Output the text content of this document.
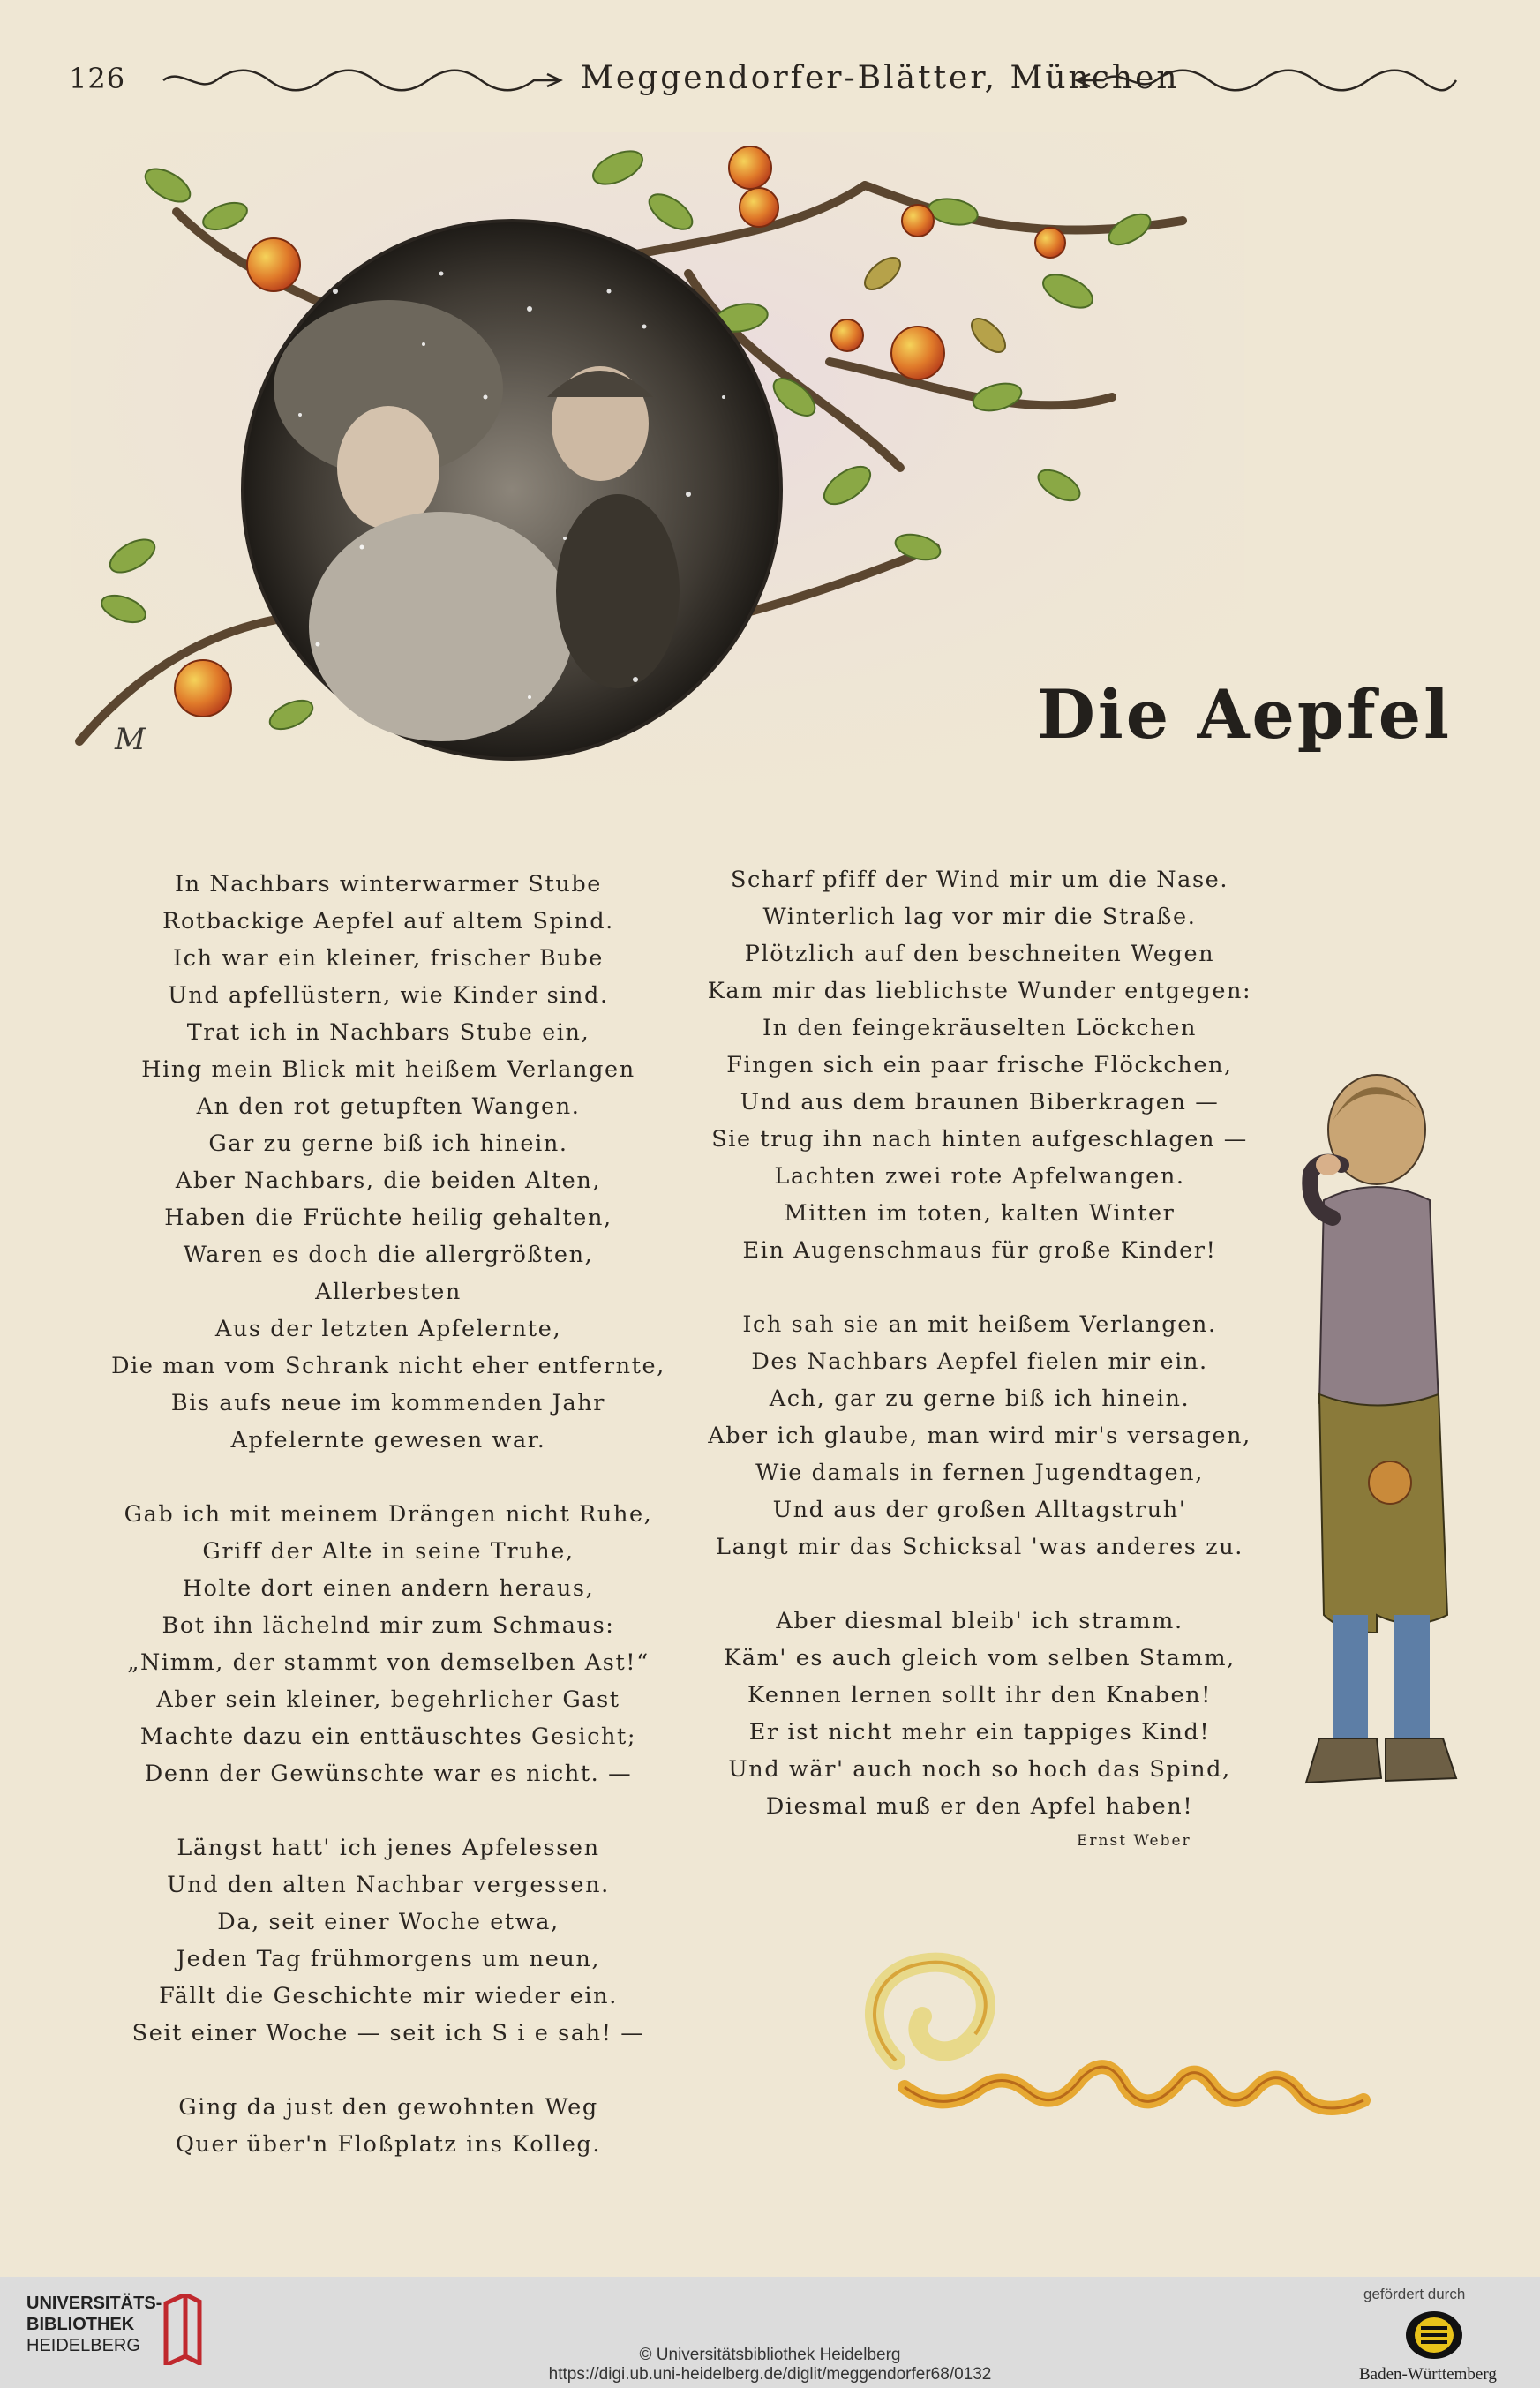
126	Meggendorfer-Blätter, München
M	Die Aepfel
In Nachbars winterwarmer Stube
Rotbackige Aepfel auf altem Spind.
Ich war ein kleiner, frischer Bube
Und apfellüstern, wie Kinder sind.
Trat ich in Nachbars Stube ein,
Hing mein Blick mit heißem Verlangen
An den rot getupften Wangen.
Gar zu gerne biß ich hinein.
Aber Nachbars, die beiden Alten,
Haben die Früchte heilig gehalten,
Waren es doch die allergrößten,
Allerbesten
Aus der letzten Apfelernte,
Die man vom Schrank nicht eher entfernte,
Bis aufs neue im kommenden Jahr
Apfelernte gewesen war.
Gab ich mit meinem Drängen nicht Ruhe,
Griff der Alte in seine Truhe,
Holte dort einen andern heraus,
Bot ihn lächelnd mir zum Schmaus:
„Nimm, der stammt von demselben Ast!“
Aber sein kleiner, begehrlicher Gast
Machte dazu ein enttäuschtes Gesicht;
Denn der Gewünschte war es nicht. —
Längst hatt' ich jenes Apfelessen
Und den alten Nachbar vergessen.
Da, seit einer Woche etwa,
Jeden Tag frühmorgens um neun,
Fällt die Geschichte mir wieder ein.
Seit einer Woche — seit ich S i e sah! —
Ging da just den gewohnten Weg
Quer über'n Floßplatz ins Kolleg.
Scharf pfiff der Wind mir um die Nase.
Winterlich lag vor mir die Straße.
Plötzlich auf den beschneiten Wegen
Kam mir das lieblichste Wunder entgegen:
In den feingekräuselten Löckchen
Fingen sich ein paar frische Flöckchen,
Und aus dem braunen Biberkragen —
Sie trug ihn nach hinten aufgeschlagen —
Lachten zwei rote Apfelwangen.
Mitten im toten, kalten Winter
Ein Augenschmaus für große Kinder!
Ich sah sie an mit heißem Verlangen.
Des Nachbars Aepfel fielen mir ein.
Ach, gar zu gerne biß ich hinein.
Aber ich glaube, man wird mir's versagen,
Wie damals in fernen Jugendtagen,
Und aus der großen Alltagstruh'
Langt mir das Schicksal 'was anderes zu.
Aber diesmal bleib' ich stramm.
Käm' es auch gleich vom selben Stamm,
Kennen lernen sollt ihr den Knaben!
Er ist nicht mehr ein tappiges Kind!
Und wär' auch noch so hoch das Spind,
Diesmal muß er den Apfel haben!
Ernst Weber
UNIVERSITÄTS-
BIBLIOTHEK
HEIDELBERG	© Universitätsbibliothek Heidelberg
https://digi.ub.uni-heidelberg.de/diglit/meggendorfer68/0132
gefördert durch
Baden-Württemberg
